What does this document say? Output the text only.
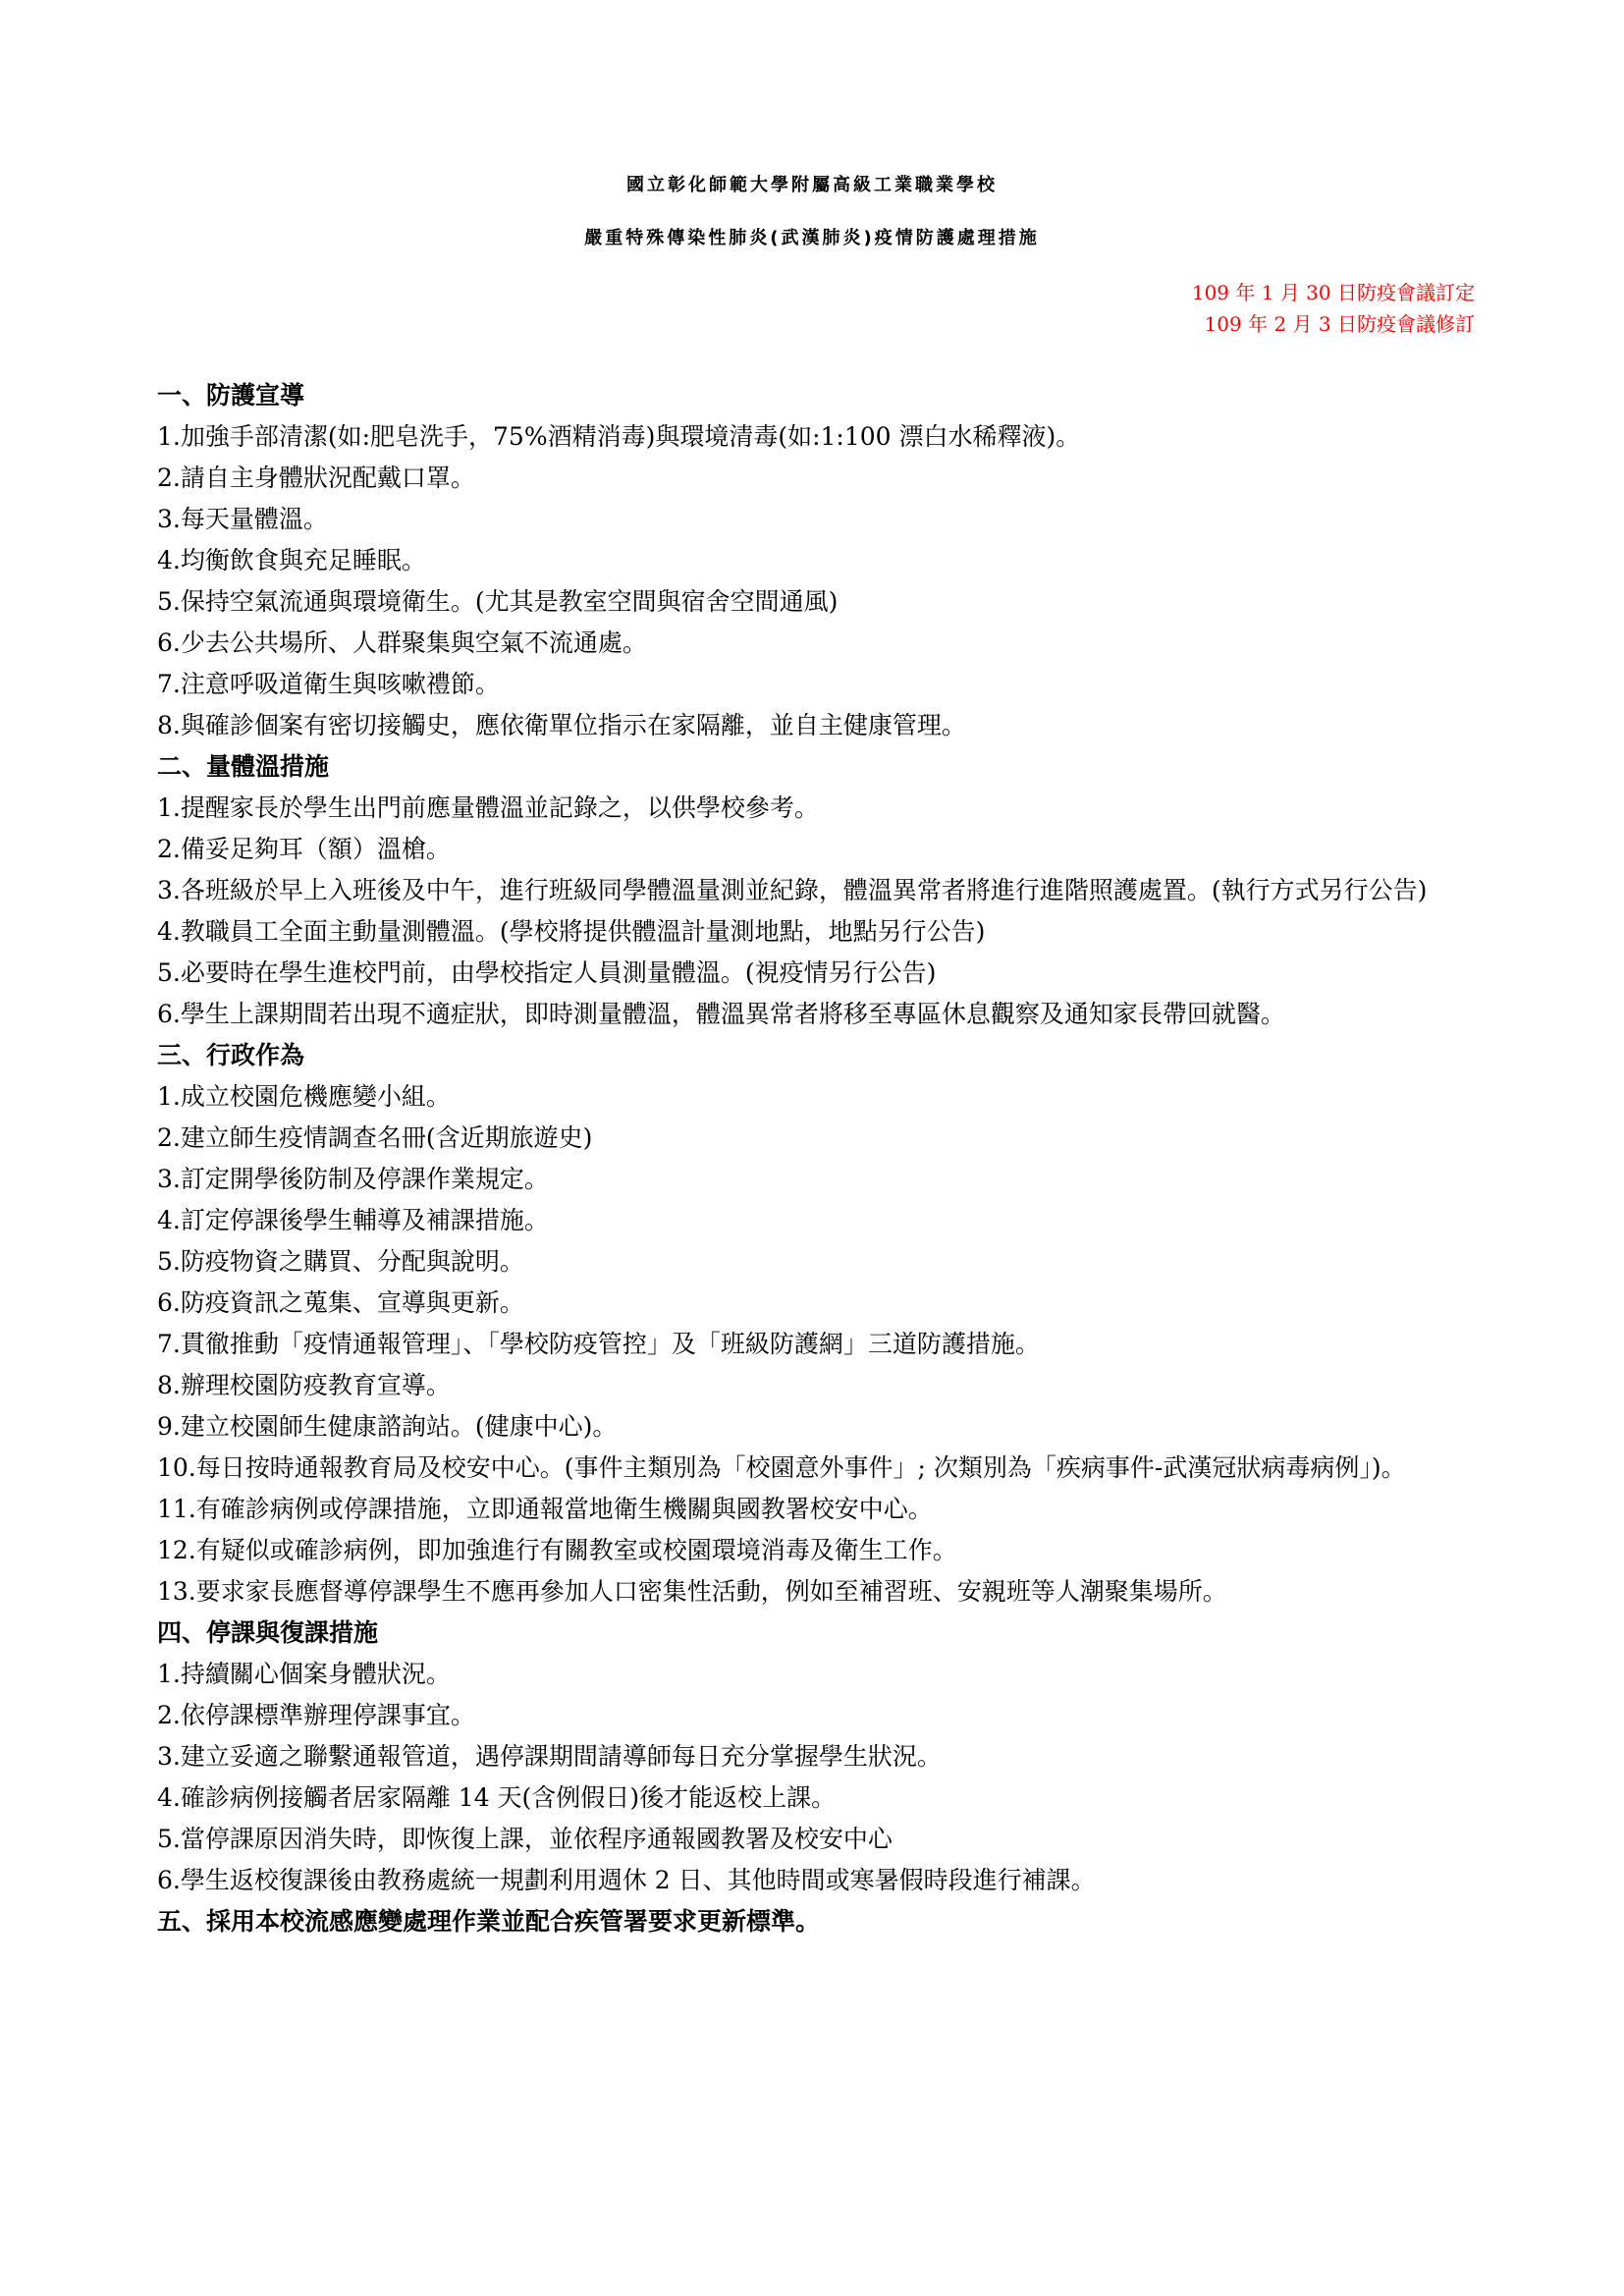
國立彰化師範大學附屬高級工業職業學校
嚴重特殊傳染性肺炎(武漢肺炎)疫情防護處理措施
109 年 1 月 30 日防疫會議訂定
109 年 2 月 3 日防疫會議修訂
一、防護宣導

1.加強手部清潔(如:肥皂洗手，75%酒精消毒)與環境清毒(如:1:100 漂白水稀釋液)。

2.請自主身體狀況配戴口罩。

3.每天量體溫。

4.均衡飲食與充足睡眠。

5.保持空氣流通與環境衛生。(尤其是教室空間與宿舍空間通風)

6.少去公共場所、人群聚集與空氣不流通處。

7.注意呼吸道衛生與咳嗽禮節。

8.與確診個案有密切接觸史，應依衛單位指示在家隔離，並自主健康管理。

二、量體溫措施

1.提醒家長於學生出門前應量體溫並記錄之，以供學校參考。

2.備妥足夠耳（額）溫槍。

3.各班級於早上入班後及中午，進行班級同學體溫量測並紀錄，體溫異常者將進行進階照護處置。(執行方式另行公告)

4.教職員工全面主動量測體溫。(學校將提供體溫計量測地點，地點另行公告)

5.必要時在學生進校門前，由學校指定人員測量體溫。(視疫情另行公告)

6.學生上課期間若出現不適症狀，即時測量體溫，體溫異常者將移至專區休息觀察及通知家長帶回就醫。

三、行政作為

1.成立校園危機應變小組。

2.建立師生疫情調查名冊(含近期旅遊史)

3.訂定開學後防制及停課作業規定。

4.訂定停課後學生輔導及補課措施。

5.防疫物資之購買、分配與說明。

6.防疫資訊之蒐集、宣導與更新。

7.貫徹推動「疫情通報管理」、「學校防疫管控」及「班級防護網」三道防護措施。

8.辦理校園防疫教育宣導。

9.建立校園師生健康諮詢站。(健康中心)。

10.每日按時通報教育局及校安中心。(事件主類別為「校園意外事件」; 次類別為「疾病事件-武漢冠狀病毒病例」)。

11.有確診病例或停課措施，立即通報當地衛生機關與國教署校安中心。

12.有疑似或確診病例，即加強進行有關教室或校園環境消毒及衛生工作。

13.要求家長應督導停課學生不應再參加人口密集性活動，例如至補習班、安親班等人潮聚集場所。

四、停課與復課措施

1.持續關心個案身體狀況。

2.依停課標準辦理停課事宜。

3.建立妥適之聯繫通報管道，遇停課期間請導師每日充分掌握學生狀況。

4.確診病例接觸者居家隔離 14 天(含例假日)後才能返校上課。

5.當停課原因消失時，即恢復上課，並依程序通報國教署及校安中心

6.學生返校復課後由教務處統一規劃利用週休 2 日、其他時間或寒暑假時段進行補課。

五、採用本校流感應變處理作業並配合疾管署要求更新標準。
